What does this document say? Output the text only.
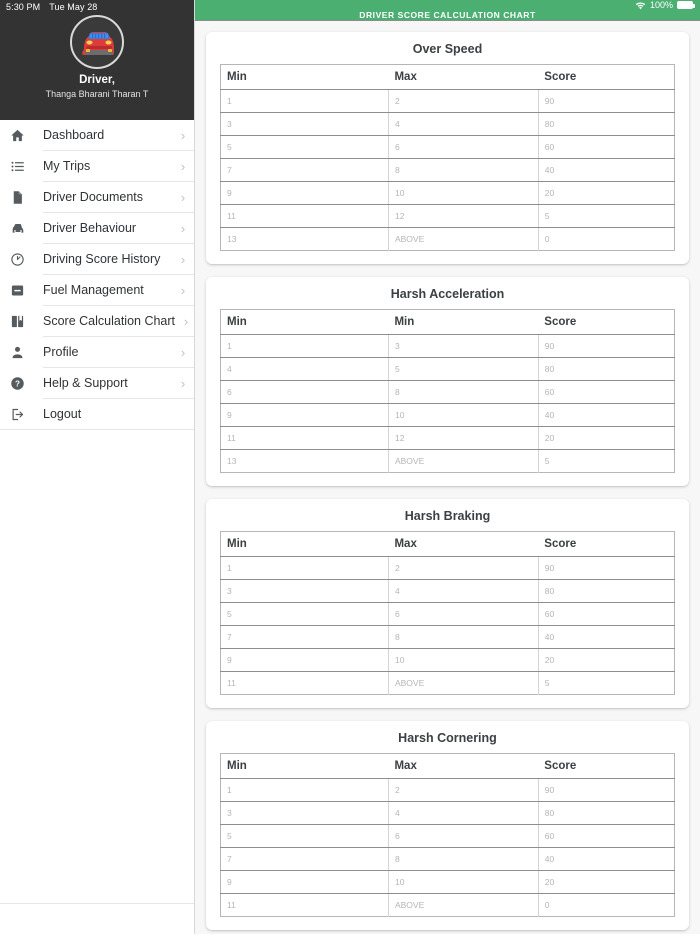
5:30 PM Tue May 28
Driver,
Thanga Bharani Tharan T
Dashboard	›
My Trips	›
Driver Documents	›
Driver Behaviour	›
Driving Score History	›
Fuel Management	›
Score Calculation Chart ›
Profile	›
?	Help & Support	›
Logout
100%
DRIVER SCORE CALCULATION CHART
Over Speed
Min	Max	Score
1	2	90
3	4	80
5	6	60
7	8	40
9	10	20
11	12	5
13	ABOVE	0
Harsh Acceleration
Min	Min	Score
1	3	90
4	5	80
6	8	60
9	10	40
11	12	20
13	ABOVE	5
Harsh Braking
Min	Max	Score
1	2	90
3	4	80
5	6	60
7	8	40
9	10	20
11	ABOVE	5
Harsh Cornering
Min	Max	Score
1	2	90
3	4	80
5	6	60
7	8	40
9	10	20
11	ABOVE	0
